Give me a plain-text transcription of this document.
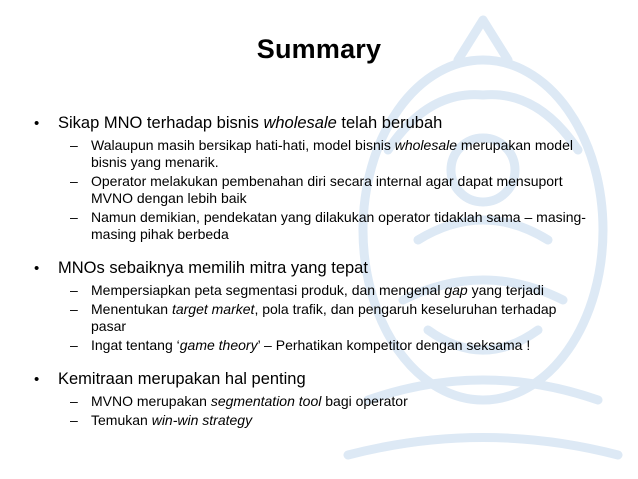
Summary
• Sikap MNO terhadap bisnis wholesale telah berubah
– Walaupun masih bersikap hati-hati, model bisnis wholesale merupakan model bisnis yang menarik.
– Operator melakukan pembenahan diri secara internal agar dapat mensuport MVNO dengan lebih baik
– Namun demikian, pendekatan yang dilakukan operator tidaklah sama – masing-masing pihak berbeda
• MNOs sebaiknya memilih mitra yang tepat
– Mempersiapkan peta segmentasi produk, dan mengenal gap yang terjadi
– Menentukan target market, pola trafik, dan pengaruh keseluruhan terhadap pasar
– Ingat tentang ‘game theory’ – Perhatikan kompetitor dengan seksama !
• Kemitraan merupakan hal penting
– MVNO merupakan segmentation tool bagi operator
– Temukan win-win strategy
